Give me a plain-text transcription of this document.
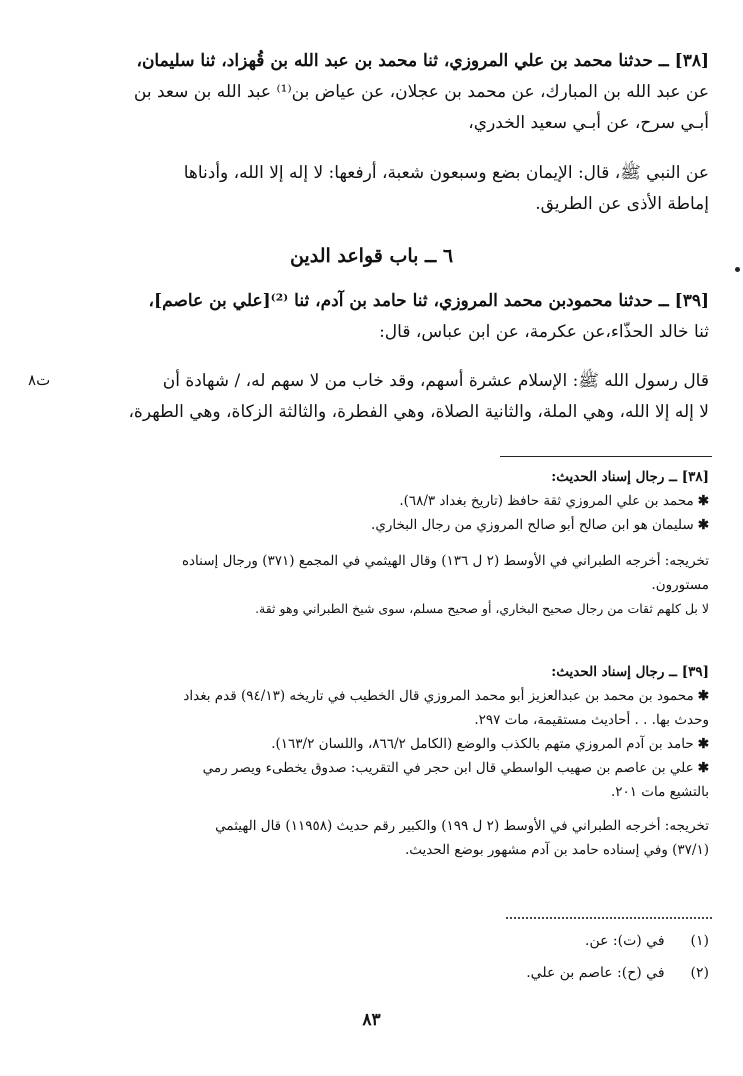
[٣٨] ــ حدثنا محمد بن علي المروزي، ثنا محمد بن عبد الله بن قُهزاد، ثنا سليمان،
عن عبد الله بن المبارك، عن محمد بن عجلان، عن عياض بن⁽¹⁾ عبد الله بن سعد بن
أبـي سرح، عن أبـي سعيد الخدري،
عن النبي ﷺ، قال: الإيمان بضع وسبعون شعبة، أرفعها: لا إله إلا الله، وأدناها
إماطة الأذى عن الطريق.
٦ ــ باب قواعد الدين
[٣٩] ــ حدثنا محمودبن محمد المروزي، ثنا حامد بن آدم، ثنا ⁽²⁾[علي بن عاصم]،
ثنا خالد الحذّاء،عن عكرمة، عن ابن عباس، قال:
قال رسول الله ﷺ: الإسلام عشرة أسهم، وقد خاب من لا سهم له، / شهادة أن
لا إله إلا الله، وهي الملة، والثانية الصلاة، وهي الفطرة، والثالثة الزكاة، وهي الطهرة،
ت٨
[٣٨] ــ رجال إسناد الحديث:
✱محمد بن علي المروزي ثقة حافظ (تاريخ بغداد ٦٨/٣).
✱سليمان هو ابن صالح أبو صالح المروزي من رجال البخاري.
تخريجه: أخرجه الطبراني في الأوسط (٢ ل ١٣٦) وقال الهيثمي في المجمع (٣٧١) ورجال إسناده
مستورون.
لا بل كلهم ثقات من رجال صحيح البخاري، أو صحيح مسلم، سوى شيخ الطبراني وهو ثقة.
[٣٩] ــ رجال إسناد الحديث:
✱محمود بن محمد بن عبدالعزيز أبو محمد المروزي قال الخطيب في تاريخه (٩٤/١٣) قدم بغداد
وحدث بها. . . أحاديث مستقيمة، مات ٢٩٧.
✱حامد بن آدم المروزي متهم بالكذب والوضع (الكامل ٨٦٦/٢، واللسان ١٦٣/٢).
✱علي بن عاصم بن صهيب الواسطي قال ابن حجر في التقريب: صدوق يخطىء ويصر رمي
بالتشيع مات ٢٠١.
تخريجه: أخرجه الطبراني في الأوسط (٢ ل ١٩٩) والكبير رقم حديث (١١٩٥٨) قال الهيثمي
(٣٧/١) وفي إسناده حامد بن آدم مشهور بوضع الحديث.
(١) في (ت): عن.
(٢) في (ح): عاصم بن علي.
٨٣
